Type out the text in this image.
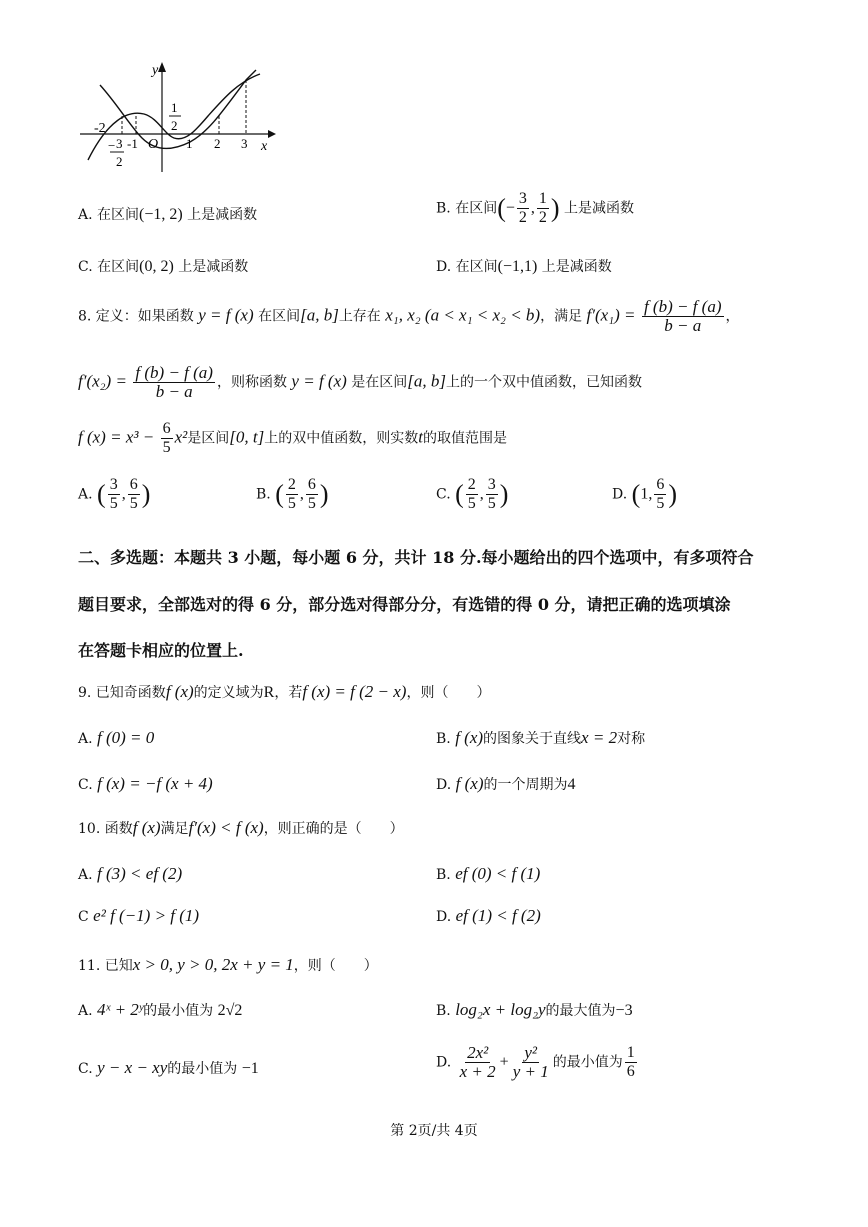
y
x
O
-2
3
−
2
-1	1 2 3
1
2
A. 在区间(−1, 2) 上是减函数	B. 在区间(− $\frac{3}{2}$ , $\frac{1}{2}$ ) 上是减函数
C. 在区间(0, 2) 上是减函数	D. 在区间(−1,1) 上是减函数
8. 定义：如果函数 y = f (x) 在区间[a, b]上存在 x₁, x₂ (a < x₁ < x₂ < b)，满足 $f'(x_1) = \frac{f (b) - f (a)}{b - a}$ ，
$f'(x_2) = \frac{f (b) - f (a)}{b - a}$ ，则称函数 y = f (x) 是在区间[a, b]上的一个双中值函数，已知函数
f $(x) = x^3 - \frac{6}{5} x^2$是区间[0, t]上的双中值函数，则实数t的取值范围是
A. ( $\frac{3}{5}$ , $\frac{6}{5}$ )	B. ( $\frac{2}{5}$ , $\frac{6}{5}$ )	C. ( $\frac{2}{5}$ , $\frac{3}{5}$ )	D. (1, $\frac{6}{5}$ )
二、多选题：本题共 3 小题，每小题 6 分，共计 18 分.每小题给出的四个选项中，有多项符合
题目要求，全部选对的得 6 分，部分选对得部分分，有选错的得 0 分，请把正确的选项填涂
在答题卡相应的位置上.
9. 已知奇函数f (x)的定义域为R，若f (x) = f (2 − x)，则（　　）
A. f (0) = 0	B. f (x)的图象关于直线x = 2对称
C. f (x) = −f (x + 4)	D. f (x)的一个周期为4
10. 函数f (x)满足f′(x) < f (x)，则正确的是（　　）
A. f (3) < ef (2)	B. ef (0) < f (1)
C e² f (−1) > f (1)	D. ef (1) < f (2)
11. 已知x > 0, y > 0, 2x + y = 1，则（　　）
A. 4ˣ + 2ʸ的最小值为 2√2	B. log₂x + log₂y的最大值为−3
C. y − x − xy的最小值为 −1	D. $\frac{\text{2x²}}{x + 2} + \frac{\text{y²}}{y + 1}$ 的最小值为 $\frac{1}{6}$
第 2页/共 4页
